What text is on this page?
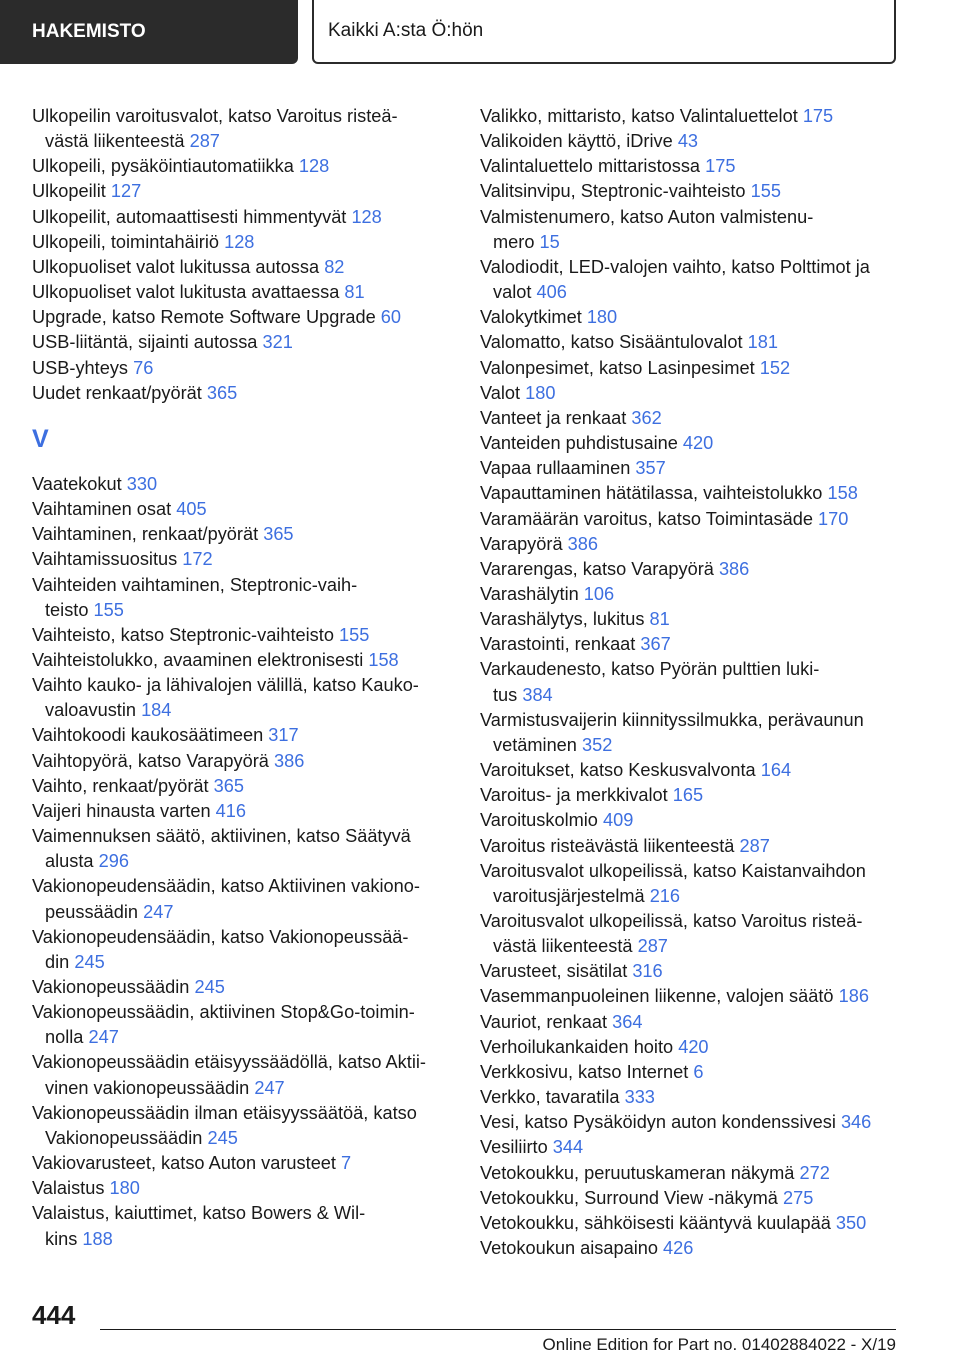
HAKEMISTO	Kaikki A:sta Ö:hön
Ulkopeilin varoitusvalot, katso Varoitus risteä-
västä liikenteestä 287
Ulkopeili, pysäköintiautomatiikka 128
Ulkopeilit 127
Ulkopeilit, automaattisesti himmentyvät 128
Ulkopeili, toimintahäiriö 128
Ulkopuoliset valot lukitussa autossa 82
Ulkopuoliset valot lukitusta avattaessa 81
Upgrade, katso Remote Software Upgrade 60
USB-liitäntä, sijainti autossa 321
USB-yhteys 76
Uudet renkaat/pyörät 365
V
Vaatekokut 330
Vaihtaminen osat 405
Vaihtaminen, renkaat/pyörät 365
Vaihtamissuositus 172
Vaihteiden vaihtaminen, Steptronic-vaih-
teisto 155
Vaihteisto, katso Steptronic-vaihteisto 155
Vaihteistolukko, avaaminen elektronisesti 158
Vaihto kauko- ja lähivalojen välillä, katso Kauko-
valoavustin 184
Vaihtokoodi kaukosäätimeen 317
Vaihtopyörä, katso Varapyörä 386
Vaihto, renkaat/pyörät 365
Vaijeri hinausta varten 416
Vaimennuksen säätö, aktiivinen, katso Säätyvä
alusta 296
Vakionopeudensäädin, katso Aktiivinen vakiono-
peussäädin 247
Vakionopeudensäädin, katso Vakionopeussää-
din 245
Vakionopeussäädin 245
Vakionopeussäädin, aktiivinen Stop&Go-toimin-
nolla 247
Vakionopeussäädin etäisyyssäädöllä, katso Aktii-
vinen vakionopeussäädin 247
Vakionopeussäädin ilman etäisyyssäätöä, katso
Vakionopeussäädin 245
Vakiovarusteet, katso Auton varusteet 7
Valaistus 180
Valaistus, kaiuttimet, katso Bowers & Wil-
kins 188
Valikko, mittaristo, katso Valintaluettelot 175
Valikoiden käyttö, iDrive 43
Valintaluettelo mittaristossa 175
Valitsinvipu, Steptronic-vaihteisto 155
Valmistenumero, katso Auton valmistenu-
mero 15
Valodiodit, LED-valojen vaihto, katso Polttimot ja
valot 406
Valokytkimet 180
Valomatto, katso Sisääntulovalot 181
Valonpesimet, katso Lasinpesimet 152
Valot 180
Vanteet ja renkaat 362
Vanteiden puhdistusaine 420
Vapaa rullaaminen 357
Vapauttaminen hätätilassa, vaihteistolukko 158
Varamäärän varoitus, katso Toimintasäde 170
Varapyörä 386
Vararengas, katso Varapyörä 386
Varashälytin 106
Varashälytys, lukitus 81
Varastointi, renkaat 367
Varkaudenesto, katso Pyörän pulttien luki-
tus 384
Varmistusvaijerin kiinnityssilmukka, perävaunun
vetäminen 352
Varoitukset, katso Keskusvalvonta 164
Varoitus- ja merkkivalot 165
Varoituskolmio 409
Varoitus risteävästä liikenteestä 287
Varoitusvalot ulkopeilissä, katso Kaistanvaihdon
varoitusjärjestelmä 216
Varoitusvalot ulkopeilissä, katso Varoitus risteä-
västä liikenteestä 287
Varusteet, sisätilat 316
Vasemmanpuoleinen liikenne, valojen säätö 186
Vauriot, renkaat 364
Verhoilukankaiden hoito 420
Verkkosivu, katso Internet 6
Verkko, tavaratila 333
Vesi, katso Pysäköidyn auton kondenssivesi 346
Vesiliirto 344
Vetokoukku, peruutuskameran näkymä 272
Vetokoukku, Surround View -näkymä 275
Vetokoukku, sähköisesti kääntyvä kuulapää 350
Vetokoukun aisapaino 426
444
Online Edition for Part no. 01402884022 - X/19
